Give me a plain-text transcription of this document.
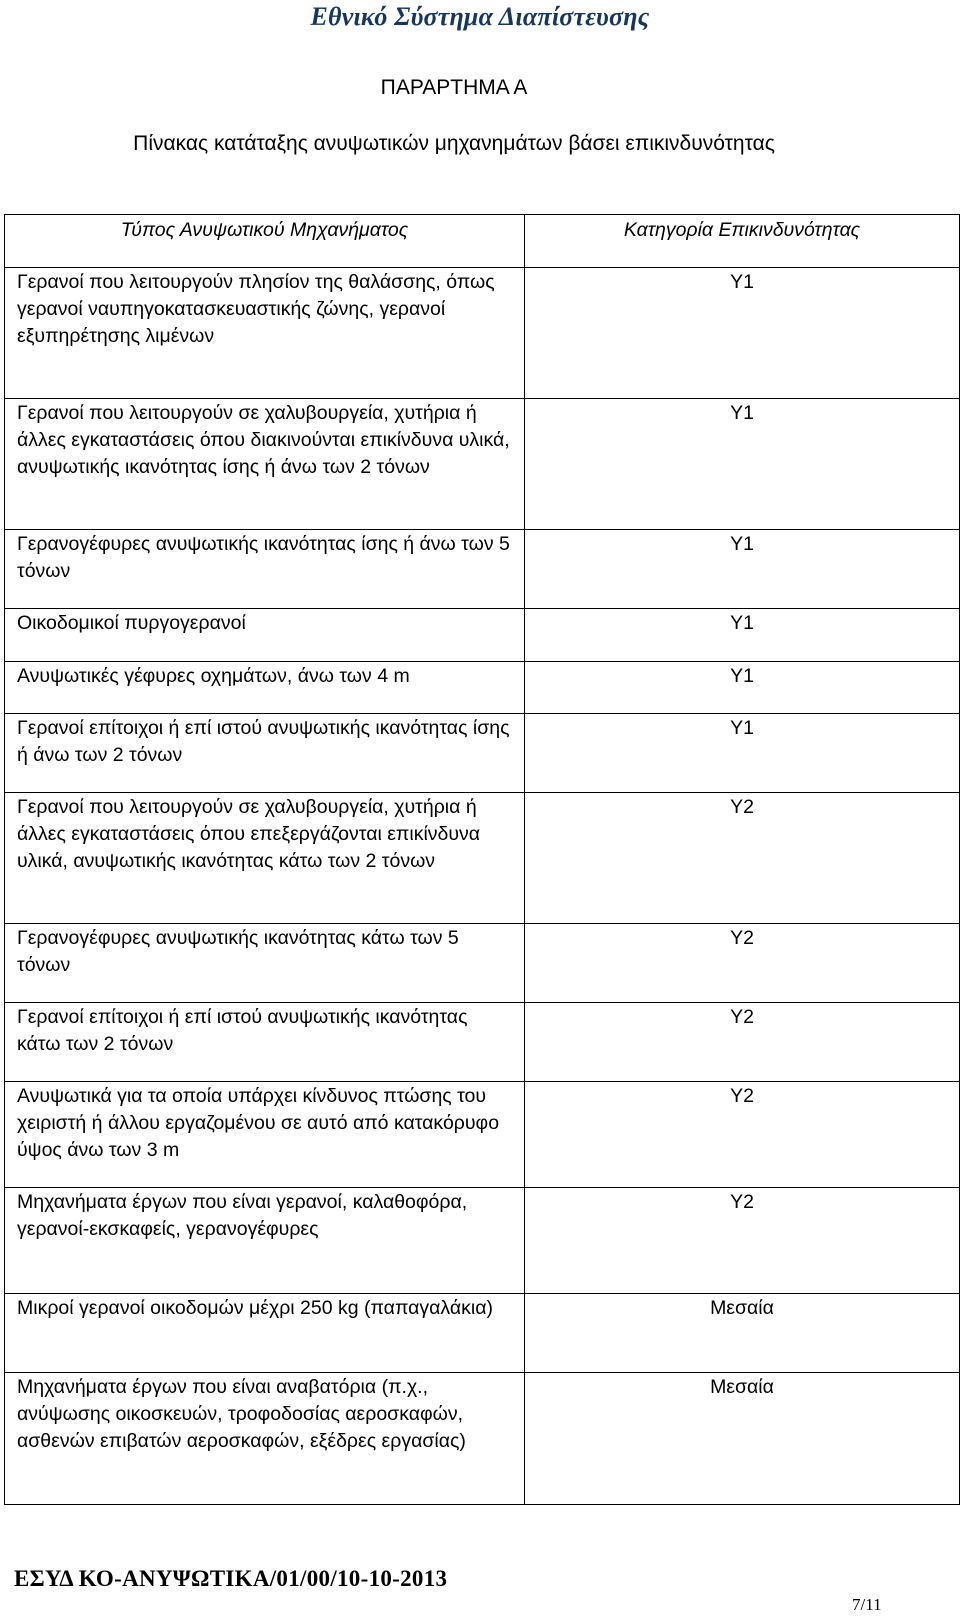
Εθνικό Σύστημα Διαπίστευσης
ΠΑΡΑΡΤΗΜΑ Α
Πίνακας κατάταξης ανυψωτικών μηχανημάτων βάσει επικινδυνότητας
Τύπος Ανυψωτικού Μηχανήματος	Κατηγορία Επικινδυνότητας
Γερανοί που λειτουργούν πλησίον της θαλάσσης, όπως γερανοί ναυπηγοκατασκευαστικής ζώνης, γερανοί εξυπηρέτησης λιμένων	Υ1
Γερανοί που λειτουργούν σε χαλυβουργεία, χυτήρια ή άλλες εγκαταστάσεις όπου διακινούνται επικίνδυνα υλικά, ανυψωτικής ικανότητας ίσης ή άνω των 2 τόνων	Υ1
Γερανογέφυρες ανυψωτικής ικανότητας ίσης ή άνω των 5 τόνων	Υ1
Οικοδομικοί πυργογερανοί	Υ1
Ανυψωτικές γέφυρες οχημάτων, άνω των 4 m	Υ1
Γερανοί επίτοιχοι ή επί ιστού ανυψωτικής ικανότητας ίσης ή άνω των 2 τόνων	Υ1
Γερανοί που λειτουργούν σε χαλυβουργεία, χυτήρια ή άλλες εγκαταστάσεις όπου επεξεργάζονται επικίνδυνα υλικά, ανυψωτικής ικανότητας κάτω των 2 τόνων	Υ2
Γερανογέφυρες ανυψωτικής ικανότητας κάτω των 5 τόνων	Υ2
Γερανοί επίτοιχοι ή επί ιστού ανυψωτικής ικανότητας κάτω των 2 τόνων	Υ2
Ανυψωτικά για τα οποία υπάρχει κίνδυνος πτώσης του χειριστή ή άλλου εργαζομένου σε αυτό από κατακόρυφο ύψος άνω των 3 m	Υ2
Μηχανήματα έργων που είναι γερανοί, καλαθοφόρα, γερανοί-εκσκαφείς, γερανογέφυρες	Υ2
Μικροί γερανοί οικοδομών μέχρι 250 kg (παπαγαλάκια)	Μεσαία
Μηχανήματα έργων που είναι αναβατόρια (π.χ., ανύψωσης οικοσκευών, τροφοδοσίας αεροσκαφών, ασθενών επιβατών αεροσκαφών, εξέδρες εργασίας)	Μεσαία
ΕΣΥΔ ΚΟ-ΑΝΥΨΩΤΙΚΑ/01/00/10-10-2013
7/11
